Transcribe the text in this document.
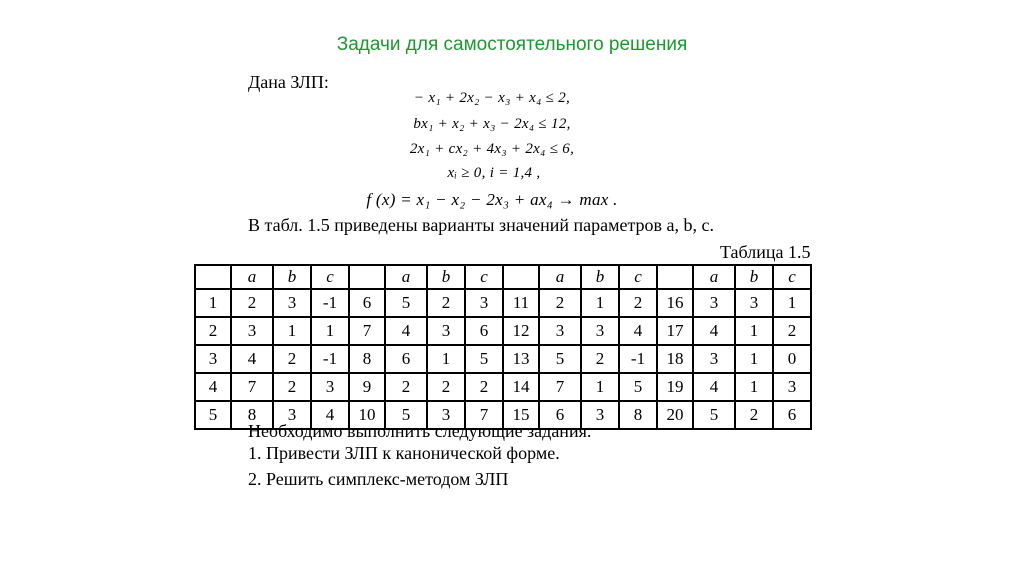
Задачи для самостоятельного решения
Дана ЗЛП:
− x₁ + 2x₂ − x₃ + x₄ ≤ 2,
bx₁ + x₂ + x₃ − 2x₄ ≤ 12,
2x₁ + cx₂ + 4x₃ + 2x₄ ≤ 6,
xᵢ ≥ 0, i = 1,4 ,
f (x) = x₁ − x₂ − 2x₃ + ax₄ → max .
В табл. 1.5 приведены варианты значений параметров a, b, c.
Таблица 1.5
	a	b	c		a	b	c		a	b	c		a	b	c
1	2	3	-1	6	5	2	3	11	2	1	2	16	3	3	1
2	3	1	1	7	4	3	6	12	3	3	4	17	4	1	2
3	4	2	-1	8	6	1	5	13	5	2	-1	18	3	1	0
4	7	2	3	9	2	2	2	14	7	1	5	19	4	1	3
5	8	3	4	10	5	3	7	15	6	3	8	20	5	2	6
Необходимо выполнить следующие задания.
1. Привести ЗЛП к канонической форме.
2. Решить симплекс-методом ЗЛП
